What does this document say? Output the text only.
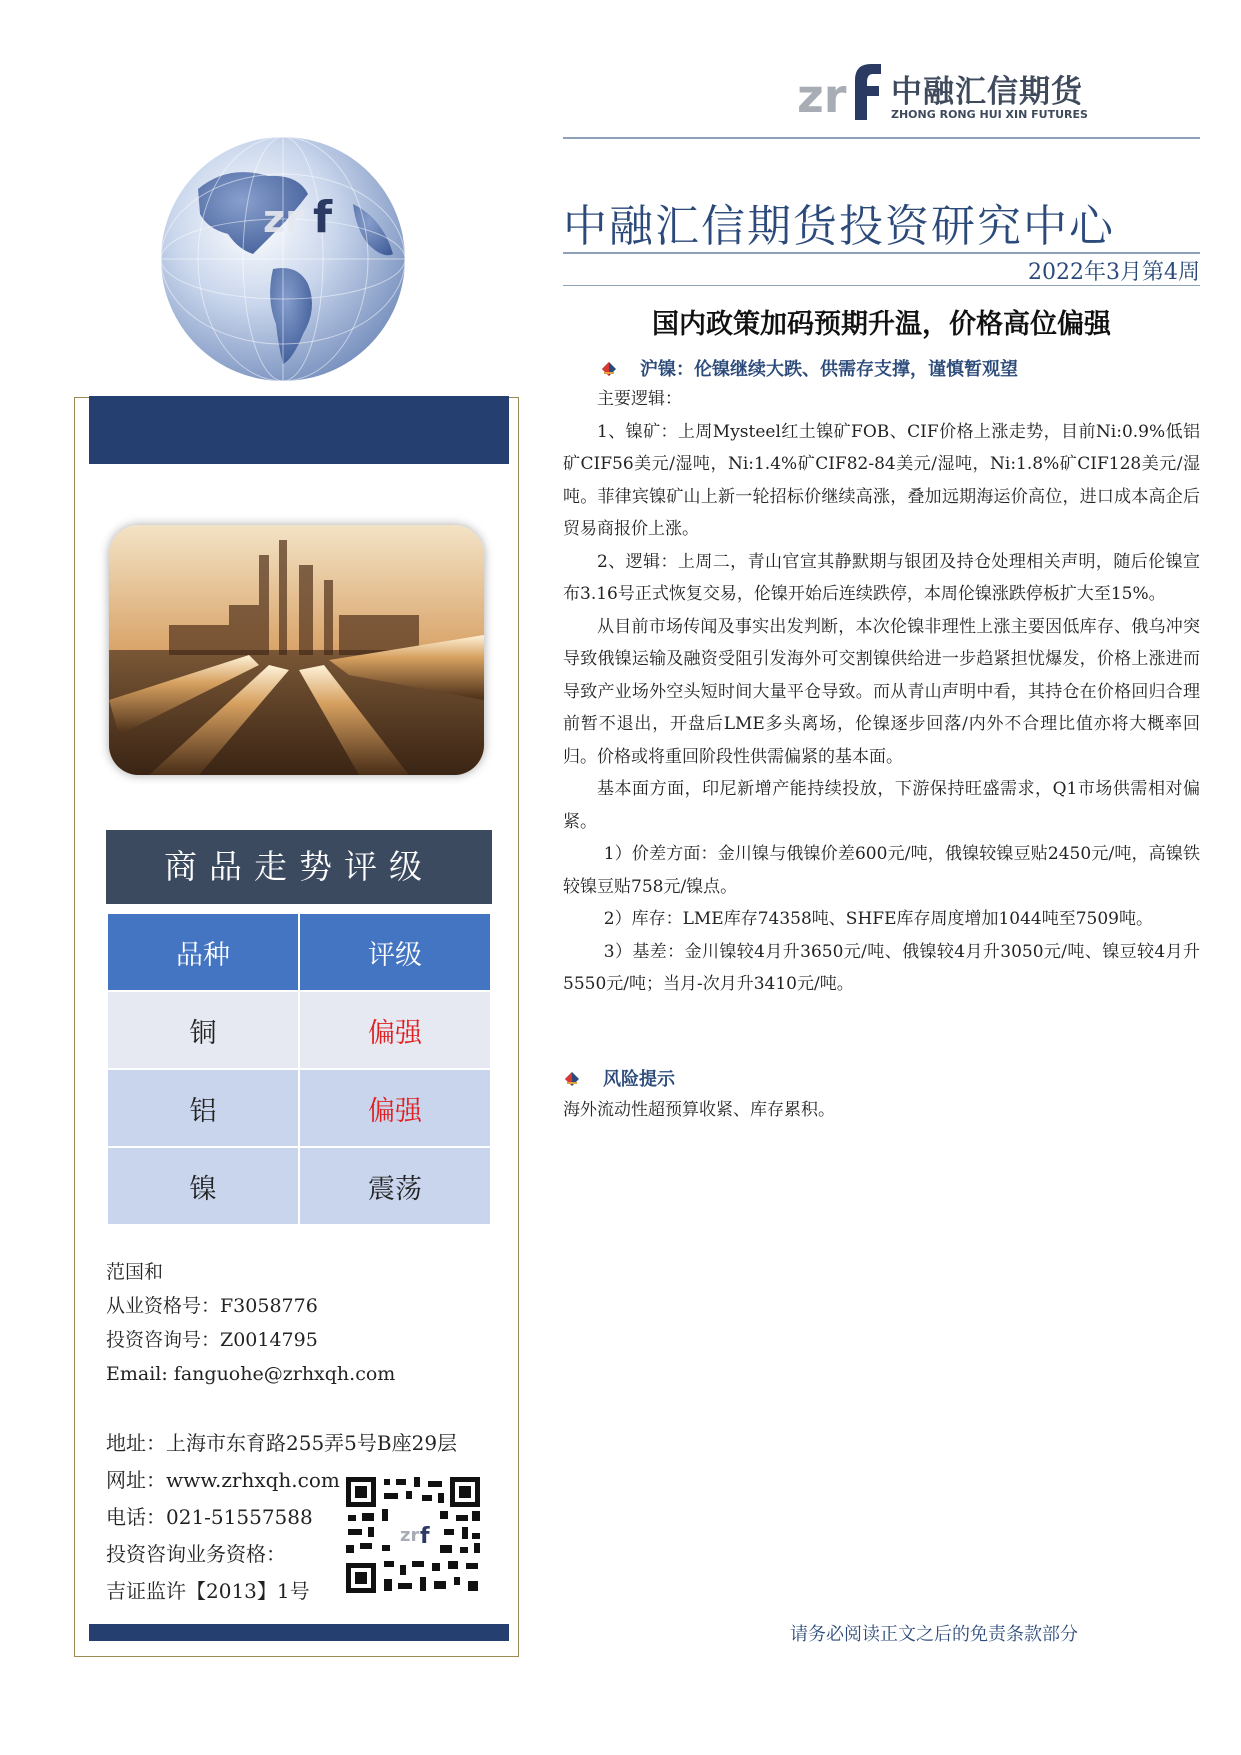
zr 中融汇信期货
ZHONG RONG HUI XIN FUTURES
zr f	中融汇信期货投资研究中心
2022年3月第4周
国内政策加码预期升温，价格高位偏强
商品走势评级
品种	评级
铜	偏强
铝	偏强
镍	震荡
范国和
从业资格号：F3058776
投资咨询号：Z0014795
Email: fanguohe@zrhxqh.com
地址：上海市东育路255弄5号B座29层
网址：www.zrhxqh.com
电话：021-51557588
投资咨询业务资格：
吉证监许【2013】1号
zr f
沪镍：伦镍继续大跌、供需存支撑，谨慎暂观望

主要逻辑：

1、镍矿：上周Mysteel红土镍矿FOB、CIF价格上涨走势，目前Ni:0.9%低铝矿CIF56美元/湿吨，Ni:1.4%矿CIF82-84美元/湿吨，Ni:1.8%矿CIF128美元/湿吨。菲律宾镍矿山上新一轮招标价继续高涨，叠加远期海运价高位，进口成本高企后贸易商报价上涨。

2、逻辑：上周二，青山官宣其静默期与银团及持仓处理相关声明，随后伦镍宣布3.16号正式恢复交易，伦镍开始后连续跌停，本周伦镍涨跌停板扩大至15%。

从目前市场传闻及事实出发判断，本次伦镍非理性上涨主要因低库存、俄乌冲突导致俄镍运输及融资受阻引发海外可交割镍供给进一步趋紧担忧爆发，价格上涨进而导致产业场外空头短时间大量平仓导致。而从青山声明中看，其持仓在价格回归合理前暂不退出，开盘后LME多头离场，伦镍逐步回落/内外不合理比值亦将大概率回归。价格或将重回阶段性供需偏紧的基本面。

基本面方面，印尼新增产能持续投放，下游保持旺盛需求，Q1市场供需相对偏紧。

1）价差方面：金川镍与俄镍价差600元/吨，俄镍较镍豆贴2450元/吨，高镍铁较镍豆贴758元/镍点。

2）库存：LME库存74358吨、SHFE库存周度增加1044吨至7509吨。

3）基差：金川镍较4月升3650元/吨、俄镍较4月升3050元/吨、镍豆较4月升5550元/吨；当月-次月升3410元/吨。

风险提示
海外流动性超预算收紧、库存累积。
请务必阅读正文之后的免责条款部分
